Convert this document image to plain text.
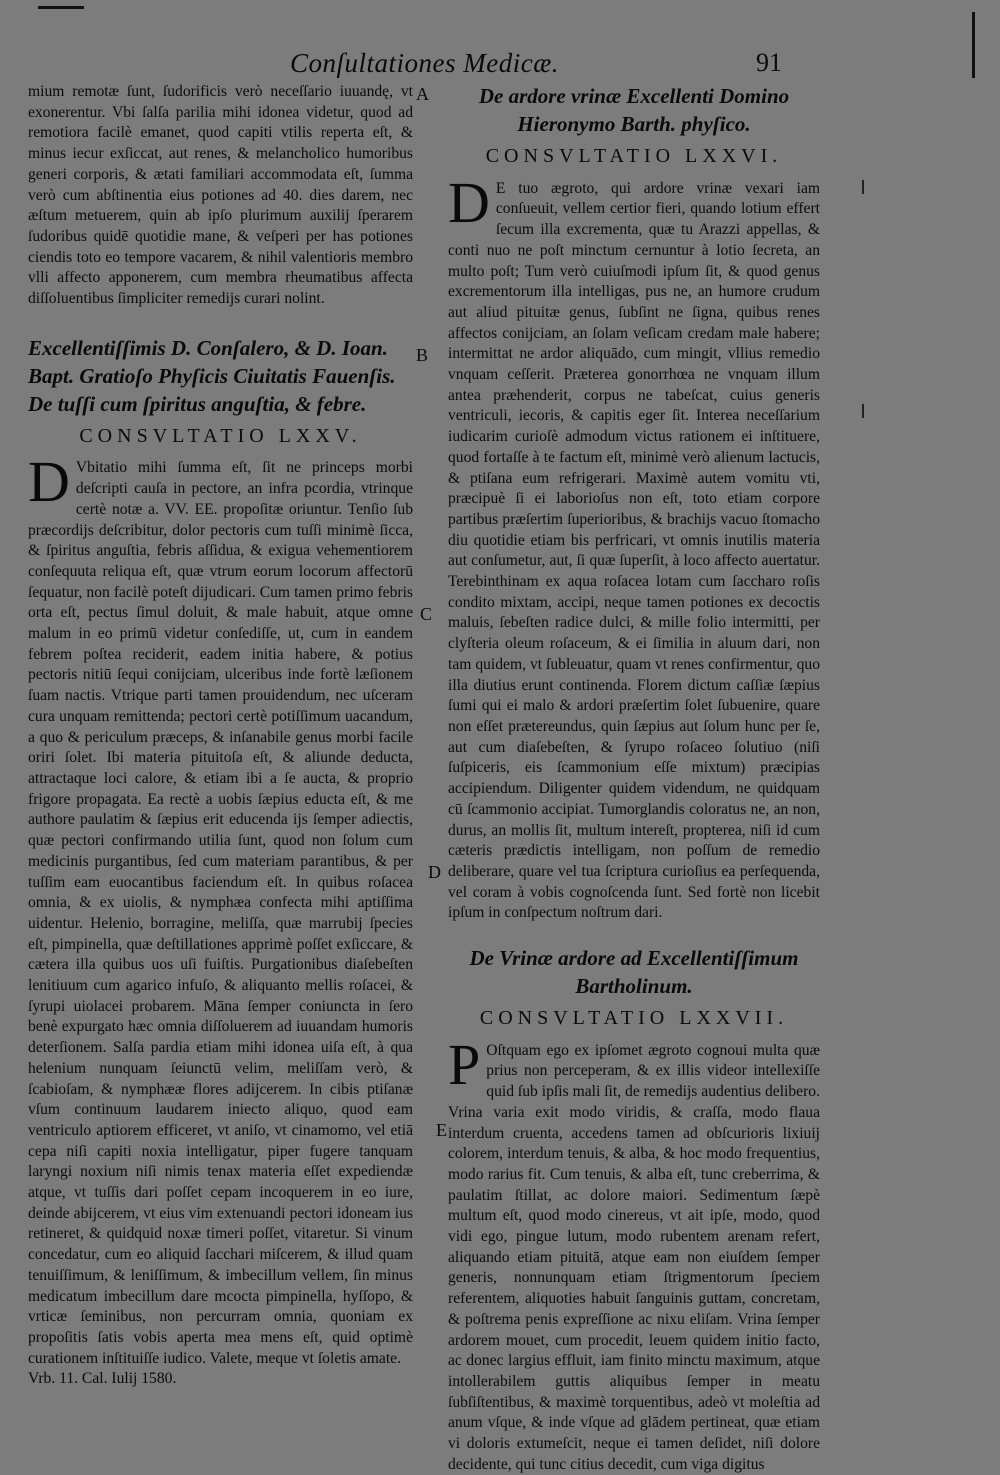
Conſultationes Medicæ.	91
A
B
C
D
E

mium remotæ ſunt, ſudorificis verò neceſſario iuuandę, vt exonerentur. Vbi ſalſa parilia mihi idonea videtur, quod ad remotiora facilè emanet, quod capiti vtilis reperta eſt, & minus iecur exſiccat, aut renes, & melancholico humoribus generi corporis, & ætati familiari accommodata eſt, ſumma verò cum abſtinentia eius potiones ad 40. dies darem, nec æſtum metuerem, quin ab ipſo plurimum auxilij ſperarem ſudoribus quidē quotidie mane, & veſperi per has potiones ciendis toto eo tempore vacarem, & nihil valentioris membro vlli affecto apponerem, cum membra rheumatibus affecta diſſoluentibus ſimpliciter remedijs curari nolint.

Excellentiſſimis D. Conſalero, & D. Ioan. Bapt. Gratioſo Phyſicis Ciuitatis Fauenſis. De tuſſi cum ſpiritus anguſtia, & febre.
CONSVLTATIO LXXV.

D Vbitatio mihi ſumma eſt, ſit ne princeps morbi deſcripti cauſa in pectore, an infra pcordia, vtrinque certè notæ a. VV. EE. propoſitæ oriuntur. Tenſio ſub præcordijs deſcribitur, dolor pectoris cum tuſſi minimè ſicca, & ſpiritus anguſtia, febris aſſidua, & exigua vehementiorem conſequuta reliqua eſt, quæ vtrum eorum locorum affectorū ſequatur, non facilè poteſt dijudicari. Cum tamen primo febris orta eſt, pectus ſimul doluit, & male habuit, atque omne malum in eo primū videtur conſediſſe, ut, cum in eandem febrem poſtea reciderit, eadem initia habere, & potius pectoris nitiū ſequi conijciam, ulceribus inde fortè læſionem ſuam nactis. Vtrique parti tamen prouidendum, nec uſceram cura unquam remittenda; pectori certè potiſſimum uacandum, a quo & periculum præceps, & inſanabile genus morbi facile oriri ſolet. Ibi materia pituitoſa eſt, & aliunde deducta, attractaque loci calore, & etiam ibi a ſe aucta, & proprio frigore propagata. Ea rectè a uobis ſæpius educta eſt, & me authore paulatim & ſæpius erit educenda ijs ſemper adiectis, quæ pectori confirmando utilia ſunt, quod non ſolum cum medicinis purgantibus, ſed cum materiam parantibus, & per tuſſim eam euocantibus faciendum eſt. In quibus roſacea omnia, & ex uiolis, & nymphæa confecta mihi aptiſſima uidentur. Helenio, borragine, meliſſa, quæ marrubij ſpecies eſt, pimpinella, quæ deſtillationes apprimè poſſet exſiccare, & cætera illa quibus uos uſi fuiſtis. Purgationibus diaſebeſten lenitiuum cum agarico infuſo, & aliquanto mellis roſacei, & ſyrupi uiolacei probarem. Māna ſemper coniuncta in ſero benè expurgato hæc omnia diſſoluerem ad iuuandam humoris deterſionem. Salſa pardia etiam mihi idonea uiſa eſt, à qua helenium nunquam ſeiunctū velim, meliſſam verò, & ſcabioſam, & nymphææ flores adijcerem. In cibis ptiſanæ vſum continuum laudarem iniecto aliquo, quod eam ventriculo aptiorem efficeret, vt aniſo, vt cinamomo, vel etiā cepa niſi capiti noxia intelligatur, piper fugere tanquam laryngi noxium niſi nimis tenax materia eſſet expediendæ atque, vt tuſſis dari poſſet cepam incoquerem in eo iure, deinde abijcerem, vt eius vim extenuandi pectori idoneam ius retineret, & quidquid noxæ timeri poſſet, vitaretur. Si vinum concedatur, cum eo aliquid ſacchari miſcerem, & illud quam tenuiſſimum, & leniſſimum, & imbecillum vellem, ſin minus medicatum imbecillum dare mcocta pimpinella, hyſſopo, & vrticæ ſeminibus, non percurram omnia, quoniam ex propoſitis ſatis vobis aperta mea mens eſt, quid optimè curationem inſtituiſſe iudico. Valete, meque vt ſoletis amate.

Vrb. 11. Cal. Iulij 1580.

De ardore vrinæ Excellenti Domino Hieronymo Barth. phyſico.
CONSVLTATIO LXXVI.

D E tuo ægroto, qui ardore vrinæ vexari iam conſueuit, vellem certior fieri, quando lotium effert ſecum illa excrementa, quæ tu Arazzi appellas, & conti nuo ne poſt minctum cernuntur à lotio ſecreta, an multo poſt; Tum verò cuiuſmodi ipſum ſit, & quod genus excrementorum illa intelligas, pus ne, an humore crudum aut aliud pituitæ genus, ſubſint ne ſigna, quibus renes affectos conijciam, an ſolam veſicam credam male habere; intermittat ne ardor aliquādo, cum mingit, vllius remedio vnquam ceſſerit. Præterea gonorrhœa ne vnquam illum antea præhenderit, corpus ne tabeſcat, cuius generis ventriculi, iecoris, & capitis eger ſit. Interea neceſſarium iudicarim curioſè admodum victus rationem ei inſtituere, quod fortaſſe à te factum eſt, minimè verò alienum lactucis, & ptiſana eum refrigerari. Maximè autem vomitu vti, præcipuè ſi ei laborioſus non eſt, toto etiam corpore partibus præſertim ſuperioribus, & brachijs vacuo ſtomacho diu quotidie etiam bis perfricari, vt omnis inutilis materia aut conſumetur, aut, ſi quæ ſuperſit, à loco affecto auertatur. Terebinthinam ex aqua roſacea lotam cum ſaccharo roſis condito mixtam, accipi, neque tamen potiones ex decoctis maluis, ſebeſten radice dulci, & mille folio intermitti, per clyſteria oleum roſaceum, & ei ſimilia in aluum dari, non tam quidem, vt ſubleuatur, quam vt renes confirmentur, quo illa diutius erunt continenda. Florem dictum caſſiæ ſæpius ſumi qui ei malo & ardori præſertim ſolet ſubuenire, quare non eſſet prætereundus, quin ſæpius aut ſolum hunc per ſe, aut cum diaſebeſten, & ſyrupo roſaceo ſolutiuo (niſi ſuſpiceris, eis ſcammonium eſſe mixtum) præcipias accipiendum. Diligenter quidem videndum, ne quidquam cū ſcammonio accipiat. Tumorglandis coloratus ne, an non, durus, an mollis ſit, multum intereſt, propterea, niſi id cum cæteris prædictis intelligam, non poſſum de remedio deliberare, quare vel tua ſcriptura curioſius ea perſequenda, vel coram à vobis cognoſcenda ſunt. Sed fortè non licebit ipſum in conſpectum noſtrum dari.

De Vrinæ ardore ad Excellentiſſimum Bartholinum.
CONSVLTATIO LXXVII.

P Oſtquam ego ex ipſomet ægroto cognoui multa quæ prius non perceperam, & ex illis videor intellexiſſe quid ſub ipſis mali ſit, de remedijs audentius delibero. Vrina varia exit modo viridis, & craſſa, modo flaua interdum cruenta, accedens tamen ad obſcurioris lixiuij colorem, interdum tenuis, & alba, & hoc modo frequentius, modo rarius fit. Cum tenuis, & alba eſt, tunc creberrima, & paulatim ſtillat, ac dolore maiori. Sedimentum ſæpè multum eſt, quod modo cinereus, vt ait ipſe, modo, quod vidi ego, pingue lutum, modo rubentem arenam refert, aliquando etiam pituitā, atque eam non eiuſdem ſemper generis, nonnunquam etiam ſtrigmentorum ſpeciem referentem, aliquoties habuit ſanguinis guttam, concretam, & poſtrema penis expreſſione ac nixu eliſam. Vrina ſemper ardorem mouet, cum procedit, leuem quidem initio facto, ac donec largius effluit, iam finito minctu maximum, atque intollerabilem guttis aliquibus ſemper in meatu ſubſiſtentibus, & maximè torquentibus, adeò vt moleſtia ad anum vſque, & inde vſque ad glādem pertineat, quæ etiam vi doloris extumeſcit, neque ei tamen deſidet, niſi dolore decidente, qui tunc citius decedit, cum viga digitus
